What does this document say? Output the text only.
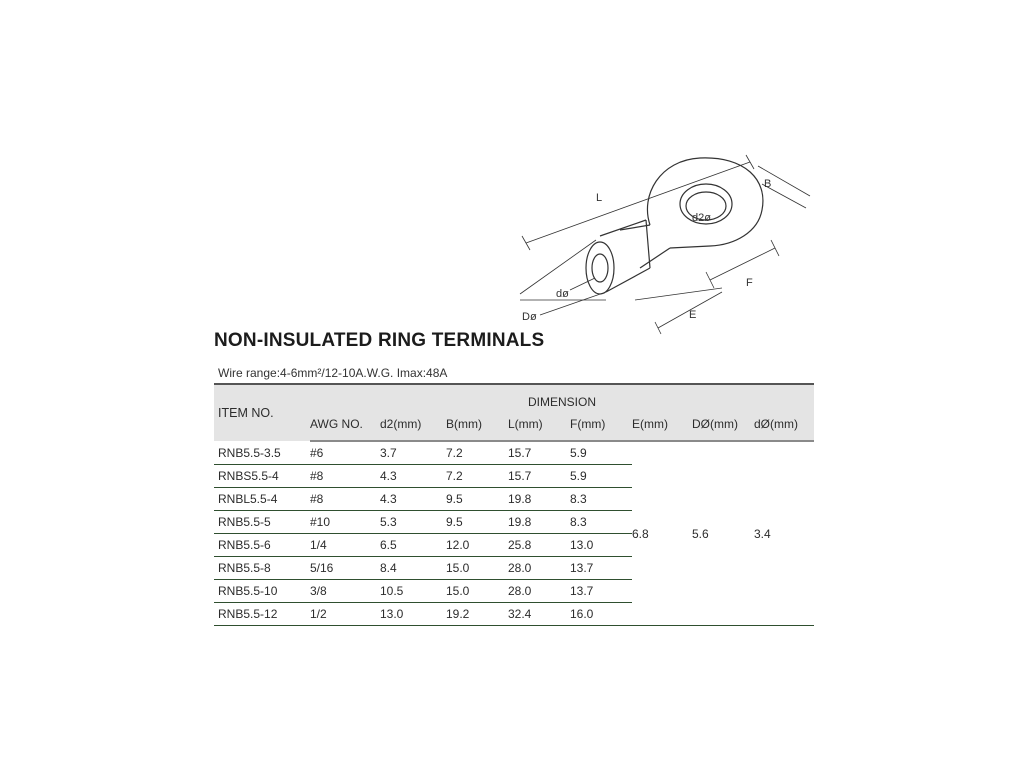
L
B
d2ø
F
E
dø
Dø
NON-INSULATED RING TERMINALS
Wire range:4-6mm²/12-10A.W.G. Imax:48A
ITEM NO.	DIMENSION							
	AWG NO.	d2(mm)	B(mm)	L(mm)	F(mm)	E(mm)	DØ(mm)	dØ(mm)
RNB5.5-3.5	#6	3.7	7.2	15.7	5.9	6.8	5.6	3.4
RNBS5.5-4	#8	4.3	7.2	15.7	5.9			
RNBL5.5-4	#8	4.3	9.5	19.8	8.3			
RNB5.5-5	#10	5.3	9.5	19.8	8.3			
RNB5.5-6	1/4	6.5	12.0	25.8	13.0			
RNB5.5-8	5/16	8.4	15.0	28.0	13.7			
RNB5.5-10	3/8	10.5	15.0	28.0	13.7			
RNB5.5-12	1/2	13.0	19.2	32.4	16.0			
